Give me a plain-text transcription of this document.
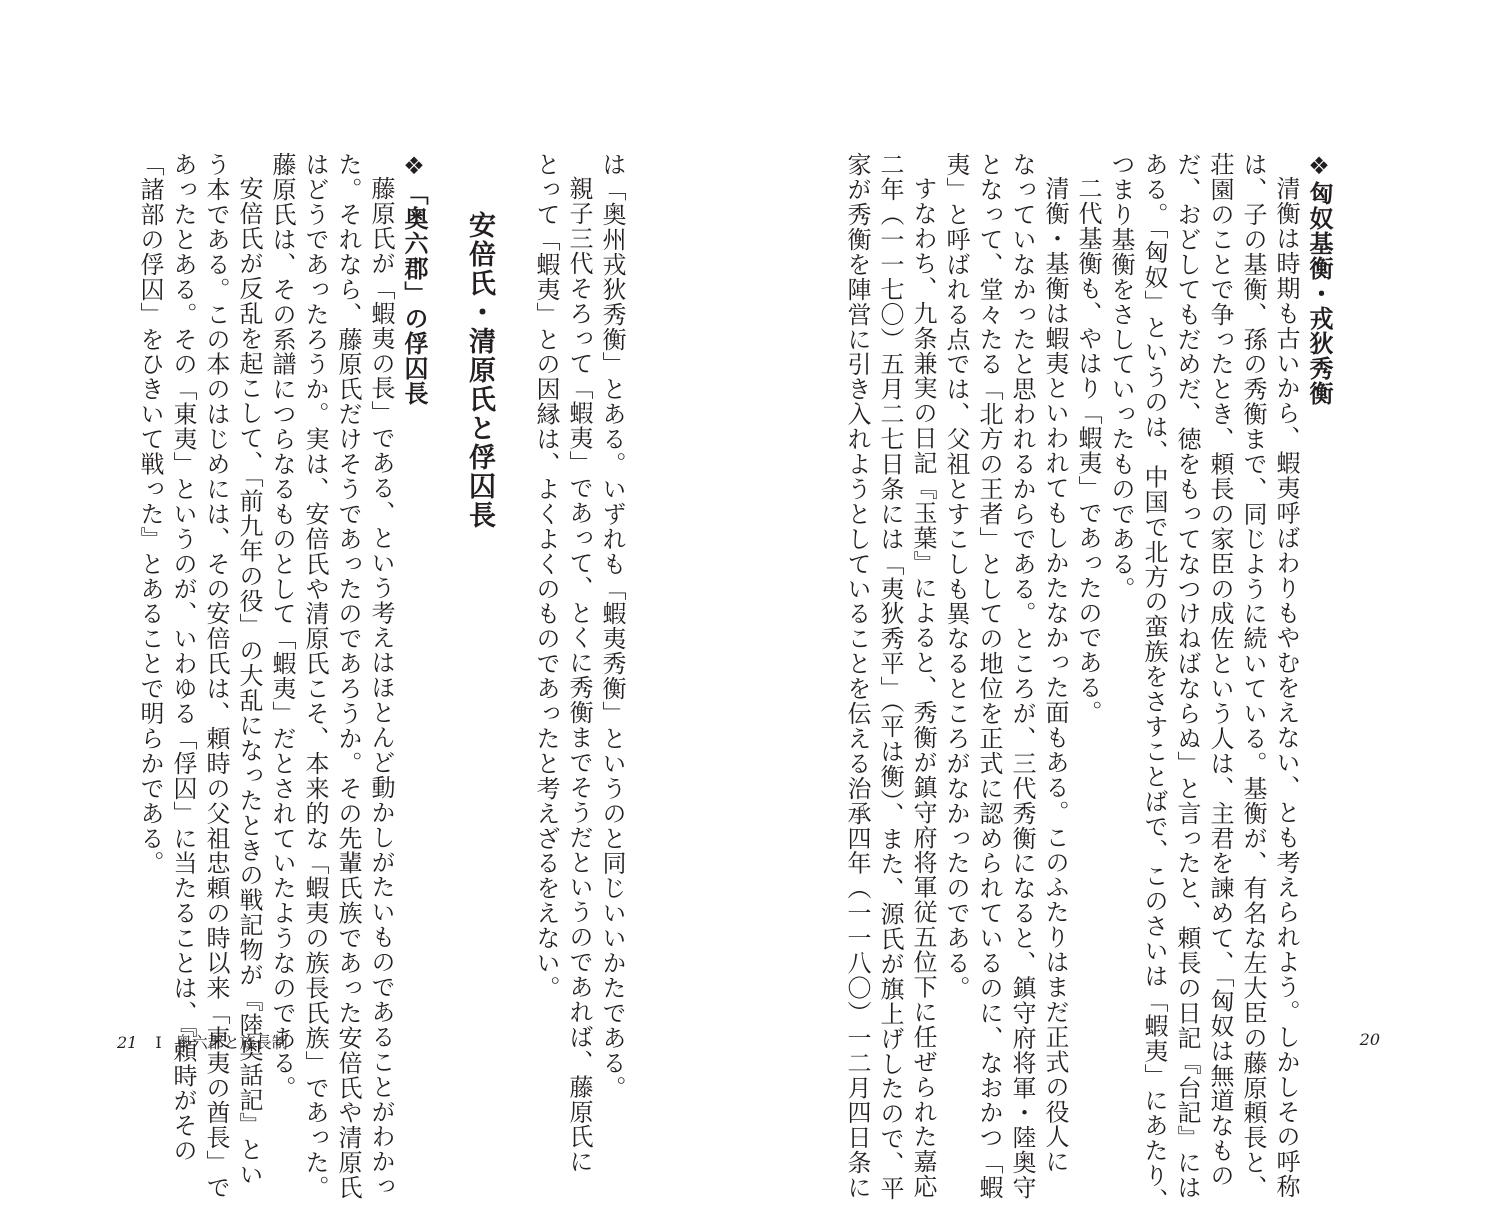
❖匈奴基衡・戎狄秀衡
清衡は時期も古いから、蝦夷呼ばわりもやむをえない、とも考えられよう。しかしその呼称
は、子の基衡、孫の秀衡まで、同じように続いている。基衡が、有名な左大臣の藤原頼長と、
荘園のことで争ったとき、頼長の家臣の成佐という人は、主君を諫めて、「匈奴は無道なもの
だ、おどしてもだめだ、徳をもってなつけねばならぬ」と言ったと、頼長の日記『台記』には
ある。「匈奴」というのは、中国で北方の蛮族をさすことばで、このさいは「蝦夷」にあたり、
つまり基衡をさしていったものである。
二代基衡も、やはり「蝦夷」であったのである。
清衡・基衡は蝦夷といわれてもしかたなかった面もある。このふたりはまだ正式の役人に
なっていなかったと思われるからである。ところが、三代秀衡になると、鎮守府将軍・陸奥守
となって、堂々たる「北方の王者」としての地位を正式に認められているのに、なおかつ「蝦
夷」と呼ばれる点では、父祖とすこしも異なるところがなかったのである。
すなわち、九条兼実の日記『玉葉』によると、秀衡が鎮守府将軍従五位下に任ぜられた嘉応
二年（一一七〇）五月二七日条には「夷狄秀平」（平は衡）、また、源氏が旗上げしたので、平
家が秀衡を陣営に引き入れようとしていることを伝える治承四年（一一八〇）一二月四日条に	20
は「奥州戎狄秀衡」とある。いずれも「蝦夷秀衡」というのと同じいいかたである。
親子三代そろって「蝦夷」であって、とくに秀衡までそうだというのであれば、藤原氏に
とって「蝦夷」との因縁は、よくよくのものであったと考えざるをえない。
安倍氏・清原氏と俘囚長
❖「奥六郡」の俘囚長
藤原氏が「蝦夷の長」である、という考えはほとんど動かしがたいものであることがわかっ
た。それなら、藤原氏だけそうであったのであろうか。その先輩氏族であった安倍氏や清原氏
はどうであったろうか。実は、安倍氏や清原氏こそ、本来的な「蝦夷の族長氏族」であった。
藤原氏は、その系譜につらなるものとして「蝦夷」だとされていたようなのである。
安倍氏が反乱を起こして、「前九年の役」の大乱になったときの戦記物が『陸奥話記』とい
う本である。この本のはじめには、その安倍氏は、頼時の父祖忠頼の時以来「東夷の酋長」で
あったとある。その「東夷」というのが、いわゆる「俘囚」に当たることは、『頼時がその
「諸部の俘囚」をひきいて戦った』とあることで明らかである。
21 I 奥六郡と族長制
